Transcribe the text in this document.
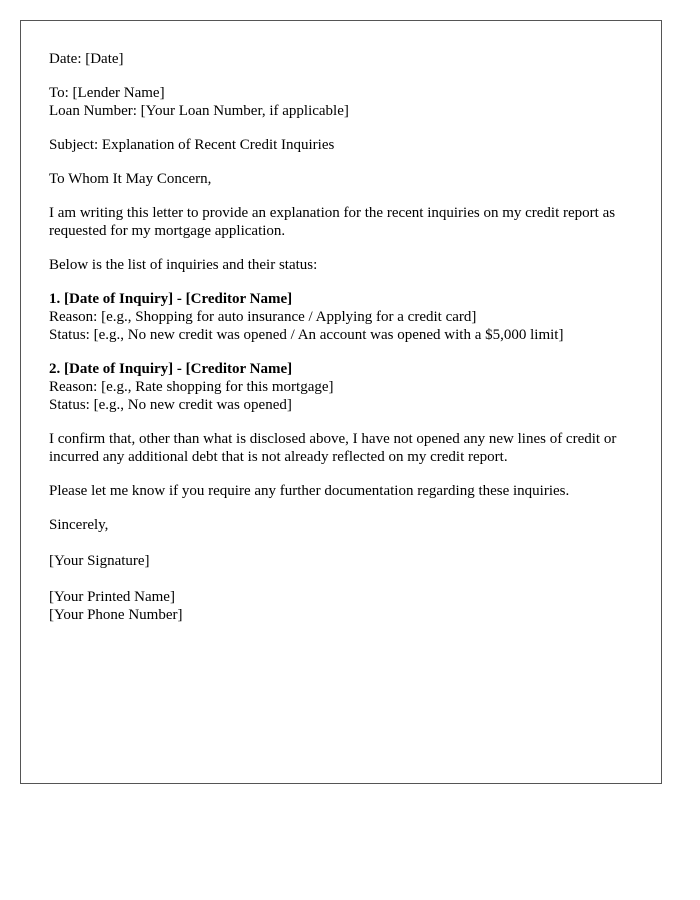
Date: [Date]

To: [Lender Name]
Loan Number: [Your Loan Number, if applicable]

Subject: Explanation of Recent Credit Inquiries

To Whom It May Concern,

I am writing this letter to provide an explanation for the recent inquiries on my credit report as requested for my mortgage application.

Below is the list of inquiries and their status:

1. [Date of Inquiry] - [Creditor Name]
Reason: [e.g., Shopping for auto insurance / Applying for a credit card]
Status: [e.g., No new credit was opened / An account was opened with a $5,000 limit]

2. [Date of Inquiry] - [Creditor Name]
Reason: [e.g., Rate shopping for this mortgage]
Status: [e.g., No new credit was opened]

I confirm that, other than what is disclosed above, I have not opened any new lines of credit or incurred any additional debt that is not already reflected on my credit report.

Please let me know if you require any further documentation regarding these inquiries.

Sincerely,

[Your Signature]

[Your Printed Name]
[Your Phone Number]
